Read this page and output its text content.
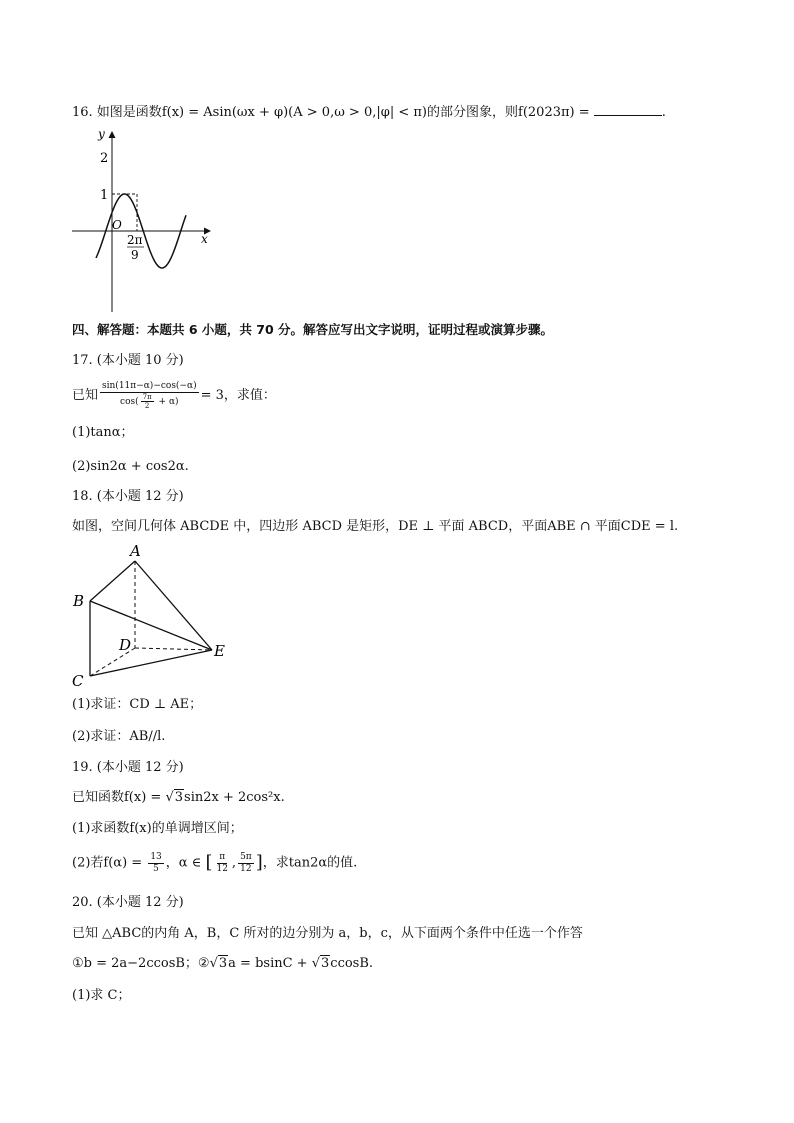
16. 如图是函数f(x) = Asin(ωx + φ)(A > 0,ω > 0,|φ| < π)的部分图象，则f(2023π) =	.
y
x
O
2
1
2π
9
四、解答题：本题共 6 小题，共 70 分。解答应写出文字说明，证明过程或演算步骤。
17. (本小题 10 分)
已知 $\frac{\sin(11\pi-\alpha)-\cos(-\alpha)}{\cos( \frac{7\pi}{2} + \alpha)} = 3$，求值：
(1)tanα；
(2)sin2α + cos2α.
18. (本小题 12 分)
如图，空间几何体 ABCDE 中，四边形 ABCD 是矩形，DE ⊥ 平面 ABCD，平面ABE ∩ 平面CDE = l.
A
B
C
D	E
(1)求证：CD ⊥ AE；
(2)求证：AB//l.
19. (本小题 12 分)
已知函数f(x) = √3sin2x + 2cos²x.
(1)求函数f(x)的单调增区间；
(2)若$f(\alpha) = \frac{13}{5}$ ，α ∈ [ $\frac{\pi}{12}$ , $\frac{5\pi}{12}$ ]，求tan2α的值.
20. (本小题 12 分)
已知 △ABC的内角 A，B，C 所对的边分别为 a，b，c，从下面两个条件中任选一个作答
①b = 2a−2ccosB；②√3a = bsinC + √3ccosB.
(1)求 C；
